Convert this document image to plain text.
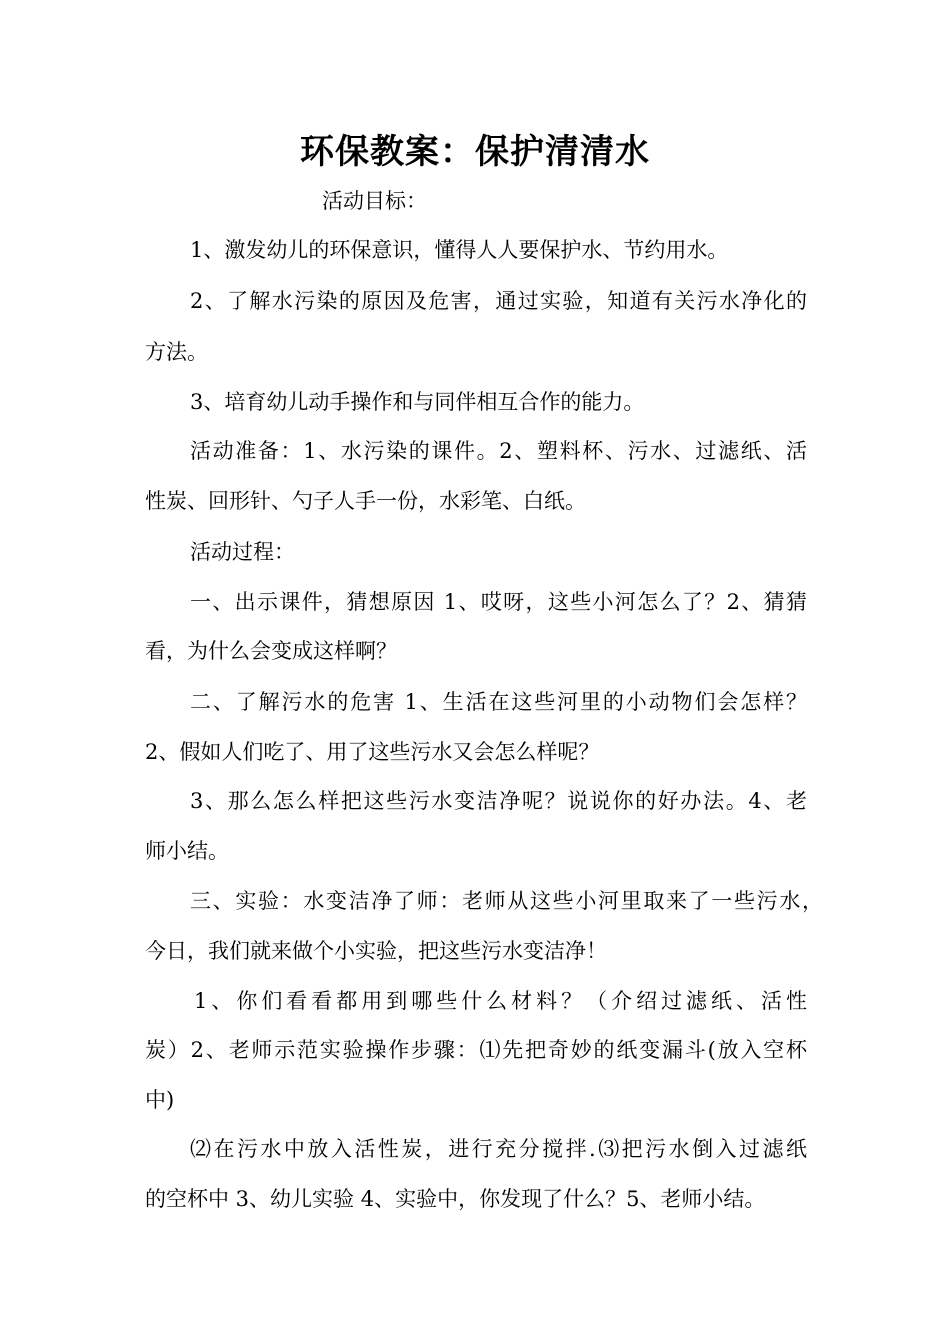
环保教案：保护清清水
活动目标：
1、激发幼儿的环保意识，懂得人人要保护水、节约用水。
2、了解水污染的原因及危害，通过实验，知道有关污水净化的
方法。
3、培育幼儿动手操作和与同伴相互合作的能力。
活动准备：1、水污染的课件。2、塑料杯、污水、过滤纸、活
性炭、回形针、勺子人手一份，水彩笔、白纸。
活动过程：
一、出示课件，猜想原因 1、哎呀，这些小河怎么了？2、猜猜
看，为什么会变成这样啊？
二、了解污水的危害 1、生活在这些河里的小动物们会怎样？
2、假如人们吃了、用了这些污水又会怎么样呢？
3、那么怎么样把这些污水变洁净呢？说说你的好办法。4、老
师小结。
三、实验：水变洁净了师：老师从这些小河里取来了一些污水，
今日，我们就来做个小实验，把这些污水变洁净！
1、你们看看都用到哪些什么材料？（介绍过滤纸、活性
炭）2、老师示范实验操作步骤：⑴先把奇妙的纸变漏斗(放入空杯
中)
⑵在污水中放入活性炭，进行充分搅拌.⑶把污水倒入过滤纸
的空杯中 3、幼儿实验 4、实验中，你发现了什么？5、老师小结。
